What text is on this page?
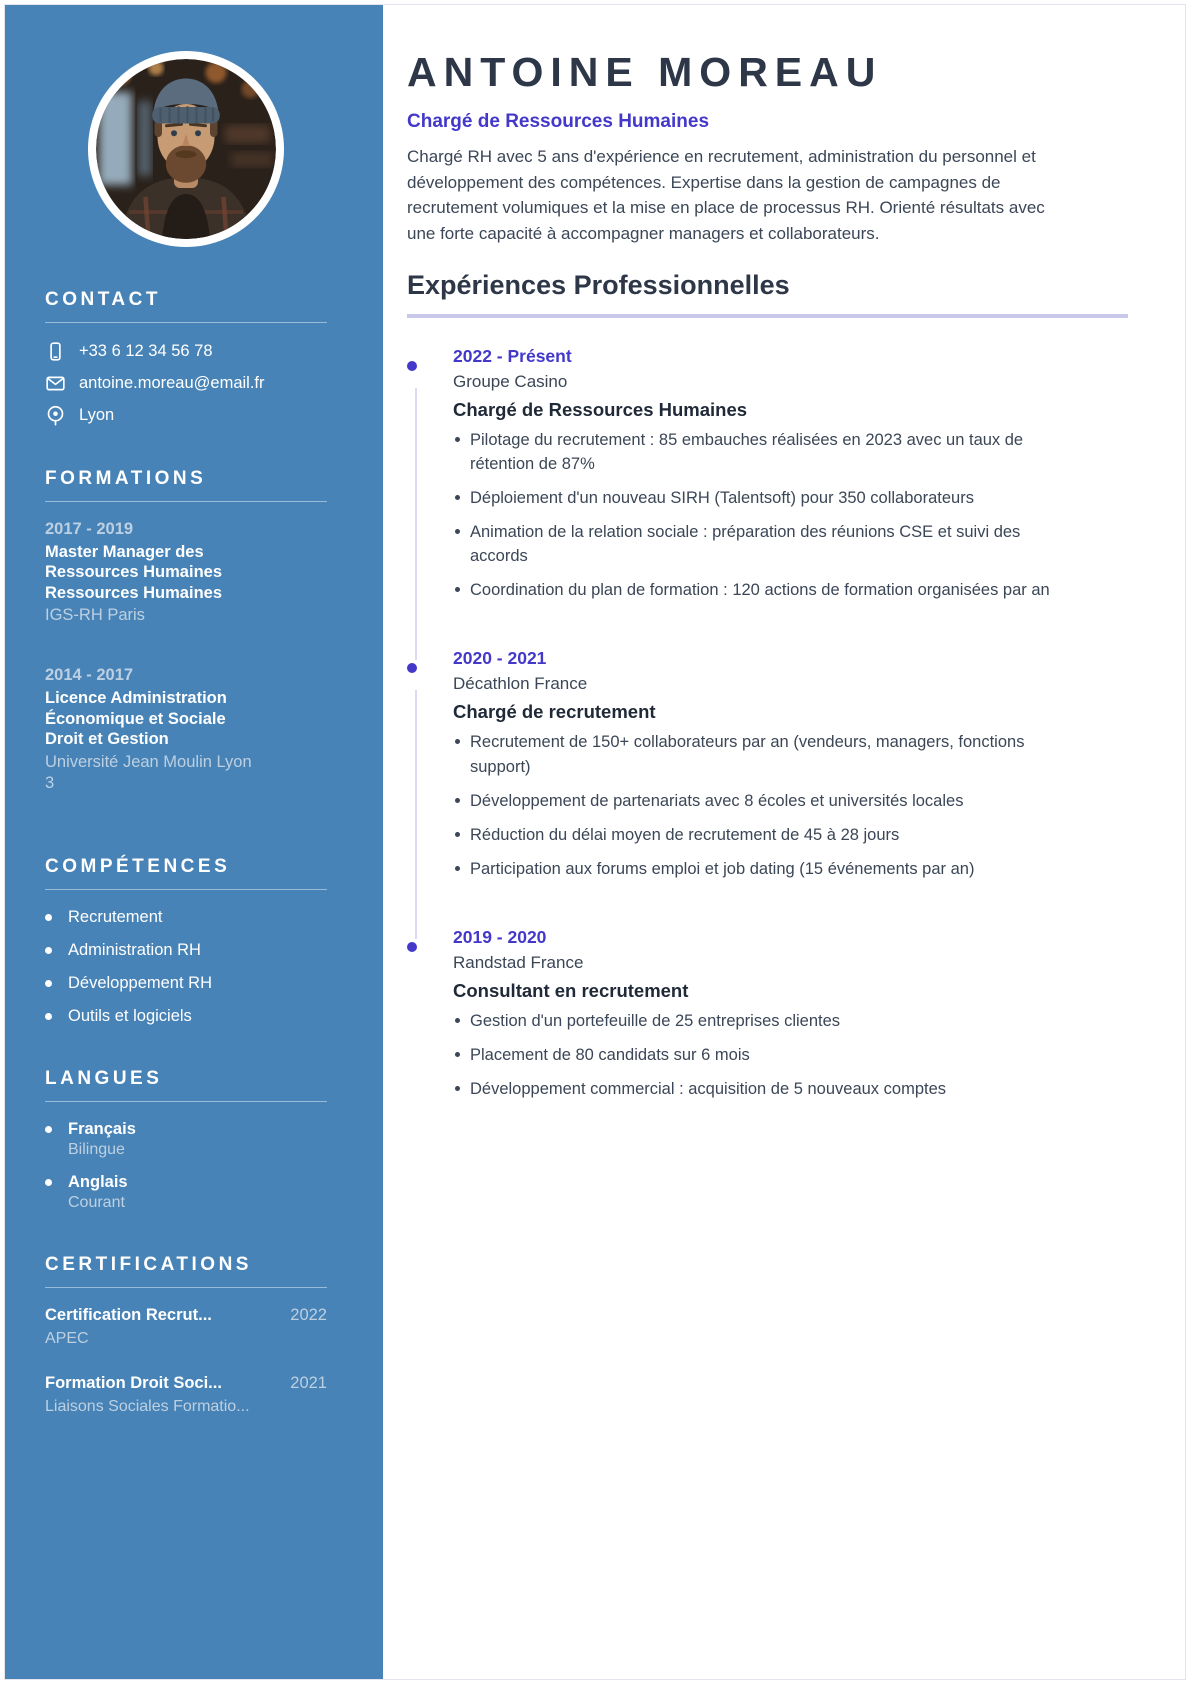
CONTACT
+33 6 12 34 56 78
antoine.moreau@email.fr
Lyon
FORMATIONS
2017 - 2019
Master Manager des Ressources Humaines
Ressources Humaines
IGS-RH Paris
2014 - 2017
Licence Administration Économique et Sociale
Droit et Gestion
Université Jean Moulin Lyon 3
COMPÉTENCES
Recrutement
Administration RH
Développement RH
Outils et logiciels
LANGUES
Français
Bilingue
Anglais
Courant
CERTIFICATIONS
Certification Recrut...	2022
APEC
Formation Droit Soci...	2021
Liaisons Sociales Formatio...
ANTOINE MOREAU
Chargé de Ressources Humaines

Chargé RH avec 5 ans d'expérience en recrutement, administration du personnel et développement des compétences. Expertise dans la gestion de campagnes de recrutement volumiques et la mise en place de processus RH. Orienté résultats avec une forte capacité à accompagner managers et collaborateurs.

Expériences Professionnelles
2022 - Présent
Groupe Casino
Chargé de Ressources Humaines
Pilotage du recrutement : 85 embauches réalisées en 2023 avec un taux de rétention de 87%
Déploiement d'un nouveau SIRH (Talentsoft) pour 350 collaborateurs
Animation de la relation sociale : préparation des réunions CSE et suivi des accords
Coordination du plan de formation : 120 actions de formation organisées par an
2020 - 2021
Décathlon France
Chargé de recrutement
Recrutement de 150+ collaborateurs par an (vendeurs, managers, fonctions support)
Développement de partenariats avec 8 écoles et universités locales
Réduction du délai moyen de recrutement de 45 à 28 jours
Participation aux forums emploi et job dating (15 événements par an)
2019 - 2020
Randstad France
Consultant en recrutement
Gestion d'un portefeuille de 25 entreprises clientes
Placement de 80 candidats sur 6 mois
Développement commercial : acquisition de 5 nouveaux comptes
